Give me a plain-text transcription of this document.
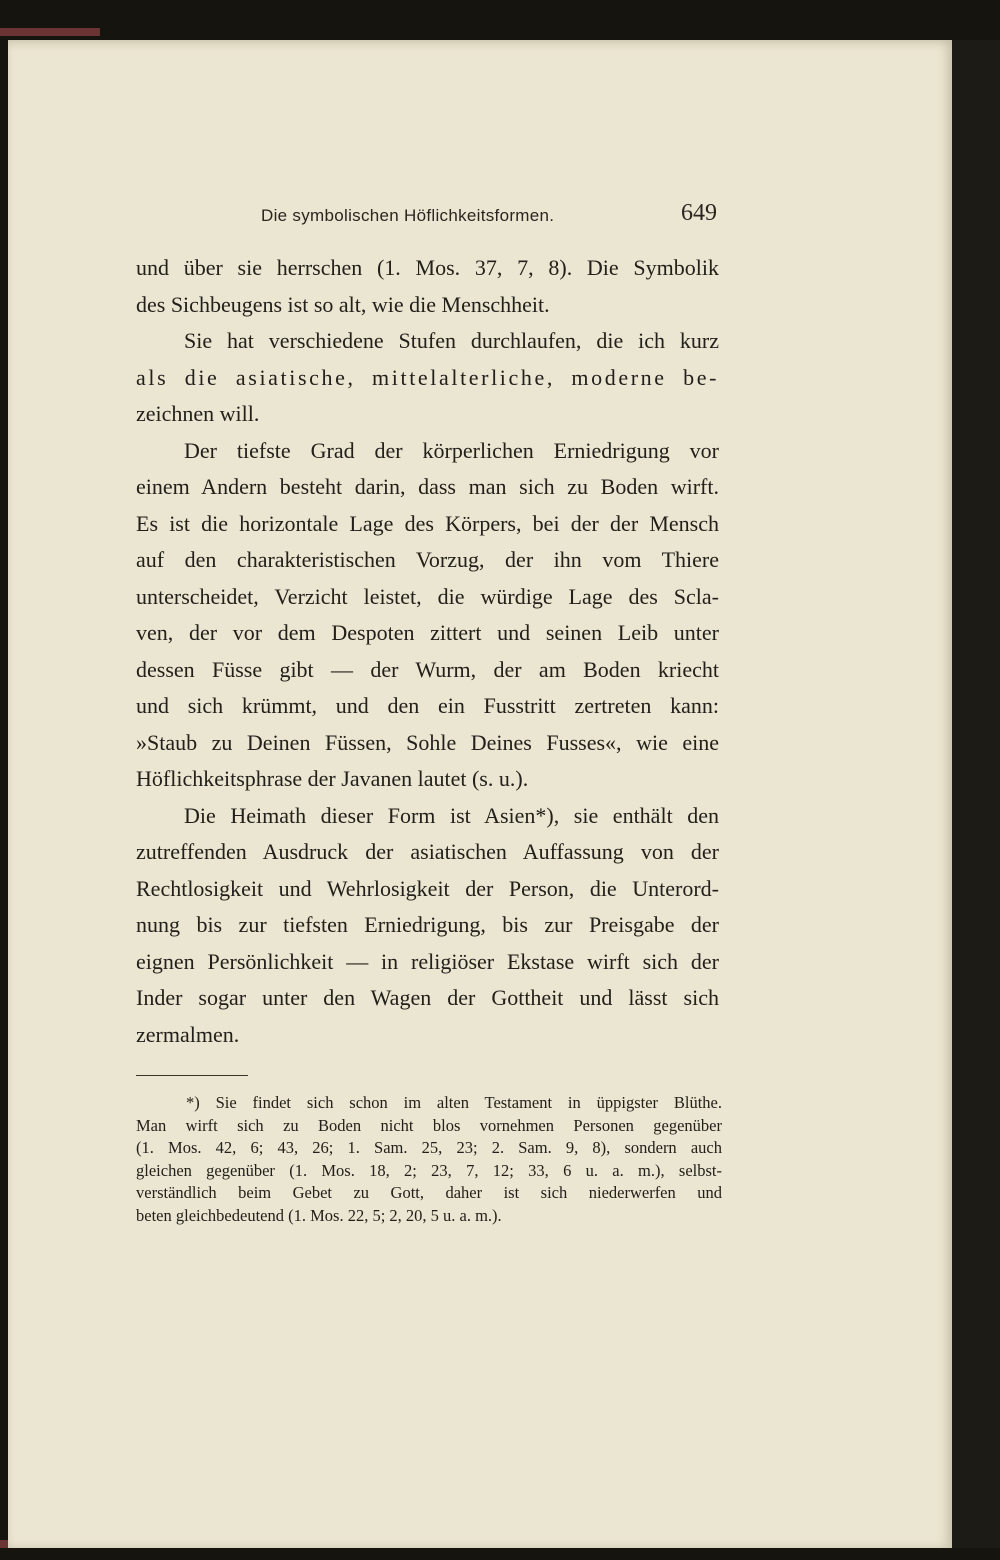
Die symbolischen Höflichkeitsformen.	649
und über sie herrschen (1. Mos. 37, 7, 8). Die Symbolik
des Sichbeugens ist so alt, wie die Menschheit.
Sie hat verschiedene Stufen durchlaufen, die ich kurz
als die asiatische, mittelalterliche, moderne be-
zeichnen will.
Der tiefste Grad der körperlichen Erniedrigung vor
einem Andern besteht darin, dass man sich zu Boden wirft.
Es ist die horizontale Lage des Körpers, bei der der Mensch
auf den charakteristischen Vorzug, der ihn vom Thiere
unterscheidet, Verzicht leistet, die würdige Lage des Scla-
ven, der vor dem Despoten zittert und seinen Leib unter
dessen Füsse gibt — der Wurm, der am Boden kriecht
und sich krümmt, und den ein Fusstritt zertreten kann:
»Staub zu Deinen Füssen, Sohle Deines Fusses«, wie eine
Höflichkeitsphrase der Javanen lautet (s. u.).
Die Heimath dieser Form ist Asien*), sie enthält den
zutreffenden Ausdruck der asiatischen Auffassung von der
Rechtlosigkeit und Wehrlosigkeit der Person, die Unterord-
nung bis zur tiefsten Erniedrigung, bis zur Preisgabe der
eignen Persönlichkeit — in religiöser Ekstase wirft sich der
Inder sogar unter den Wagen der Gottheit und lässt sich
zermalmen.
*) Sie findet sich schon im alten Testament in üppigster Blüthe.
Man wirft sich zu Boden nicht blos vornehmen Personen gegenüber
(1. Mos. 42, 6; 43, 26; 1. Sam. 25, 23; 2. Sam. 9, 8), sondern auch
gleichen gegenüber (1. Mos. 18, 2; 23, 7, 12; 33, 6 u. a. m.), selbst-
verständlich beim Gebet zu Gott, daher ist sich niederwerfen und
beten gleichbedeutend (1. Mos. 22, 5; 2, 20, 5 u. a. m.).
